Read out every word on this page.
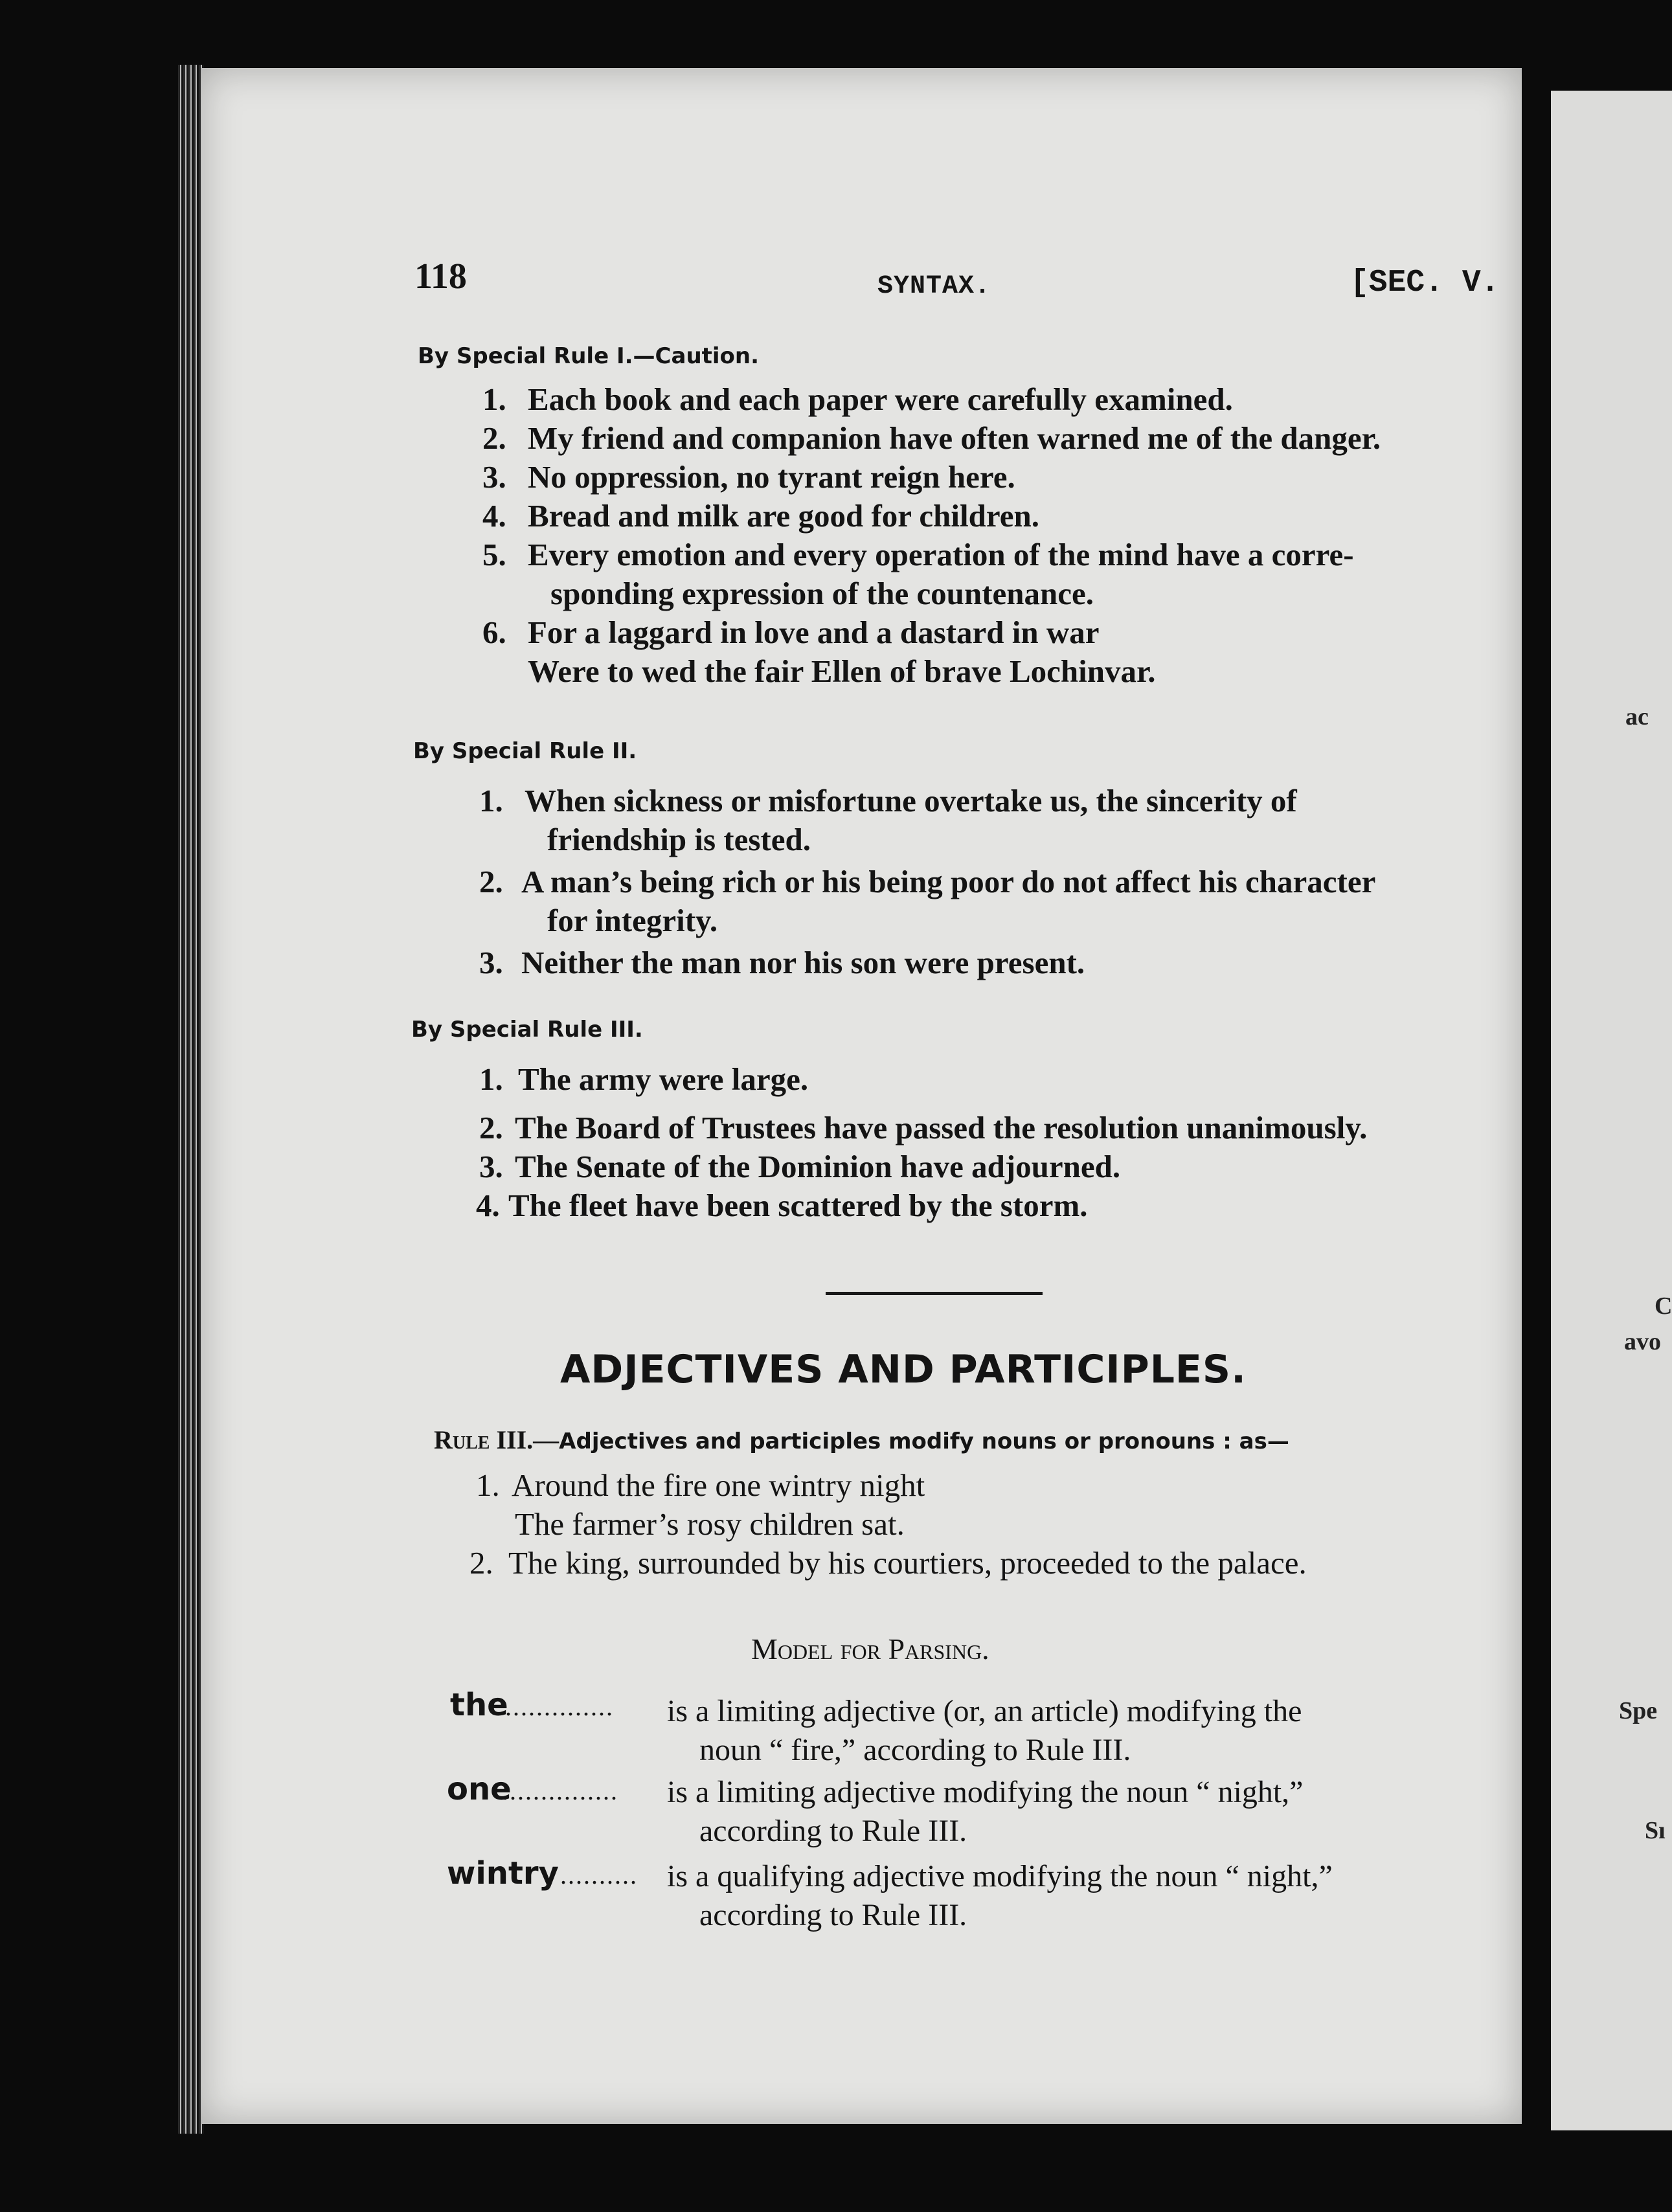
ac
C
avo
Spe
Sı
118	SYNTAX.	[SEC. V.
By Special Rule I.—Caution.
1. Each book and each paper were carefully examined.
2. My friend and companion have often warned me of the danger.
3. No oppression, no tyrant reign here.
4. Bread and milk are good for children.
5. Every emotion and every operation of the mind have a corre-
sponding expression of the countenance.
6. For a laggard in love and a dastard in war
Were to wed the fair Ellen of brave Lochinvar.
By Special Rule II.
1. When sickness or misfortune overtake us, the sincerity of
friendship is tested.
2. A man’s being rich or his being poor do not affect his character
for integrity.
3. Neither the man nor his son were present.
By Special Rule III.
1. The army were large.
2. The Board of Trustees have passed the resolution unanimously.
3. The Senate of the Dominion have adjourned.
4. The fleet have been scattered by the storm.
ADJECTIVES AND PARTICIPLES.
Rule III.—Adjectives and participles modify nouns or pronouns : as—
1. Around the fire one wintry night
The farmer’s rosy children sat.
2. The king, surrounded by his courtiers, proceeded to the palace.
Model for Parsing.
the
.............. is a limiting adjective (or, an article) modifying the
noun “ fire,” according to Rule III.
one
............... is a limiting adjective modifying the noun “ night,”
according to Rule III.
wintry .......... is a qualifying adjective modifying the noun “ night,”
according to Rule III.
